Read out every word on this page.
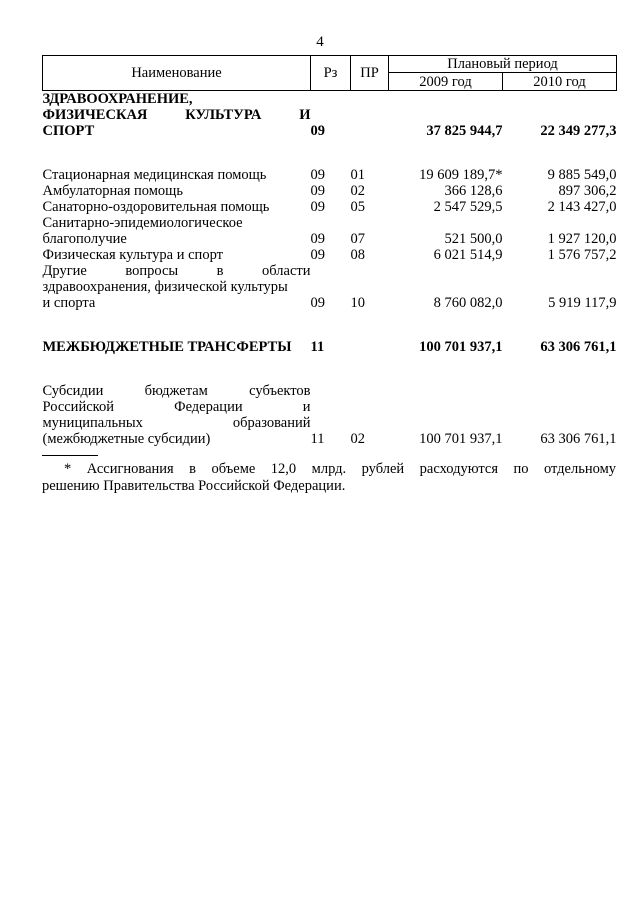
4
Наименование	Рз	ПР	Плановый период	
			2009 год	2010 год

ЗДРАВООХРАНЕНИЕ,
ФИЗИЧЕСКАЯ КУЛЬТУРА И
СПОРТ	09		37 825 944,7	22 349 277,3

Стационарная медицинская помощь	09	01	19 609 189,7*	9 885 549,0
Амбулаторная помощь	09	02	366 128,6	897 306,2
Санаторно-оздоровительная помощь	09	05	2 547 529,5	2 143 427,0

Санитарно-эпидемиологическое
благополучие	09	07	521 500,0	1 927 120,0
Физическая культура и спорт	09	08	6 021 514,9	1 576 757,2

Другие вопросы в области
здравоохранения, физической культуры
и спорта	09	10	8 760 082,0	5 919 117,9

МЕЖБЮДЖЕТНЫЕ ТРАНСФЕРТЫ	11		100 701 937,1	63 306 761,1

Субсидии бюджетам субъектов
Российской Федерации и
муниципальных образований
(межбюджетные субсидии)	11	02	100 701 937,1	63 306 761,1
* Ассигнования в объеме 12,0 млрд. рублей расходуются по отдельному
решению Правительства Российской Федерации.
